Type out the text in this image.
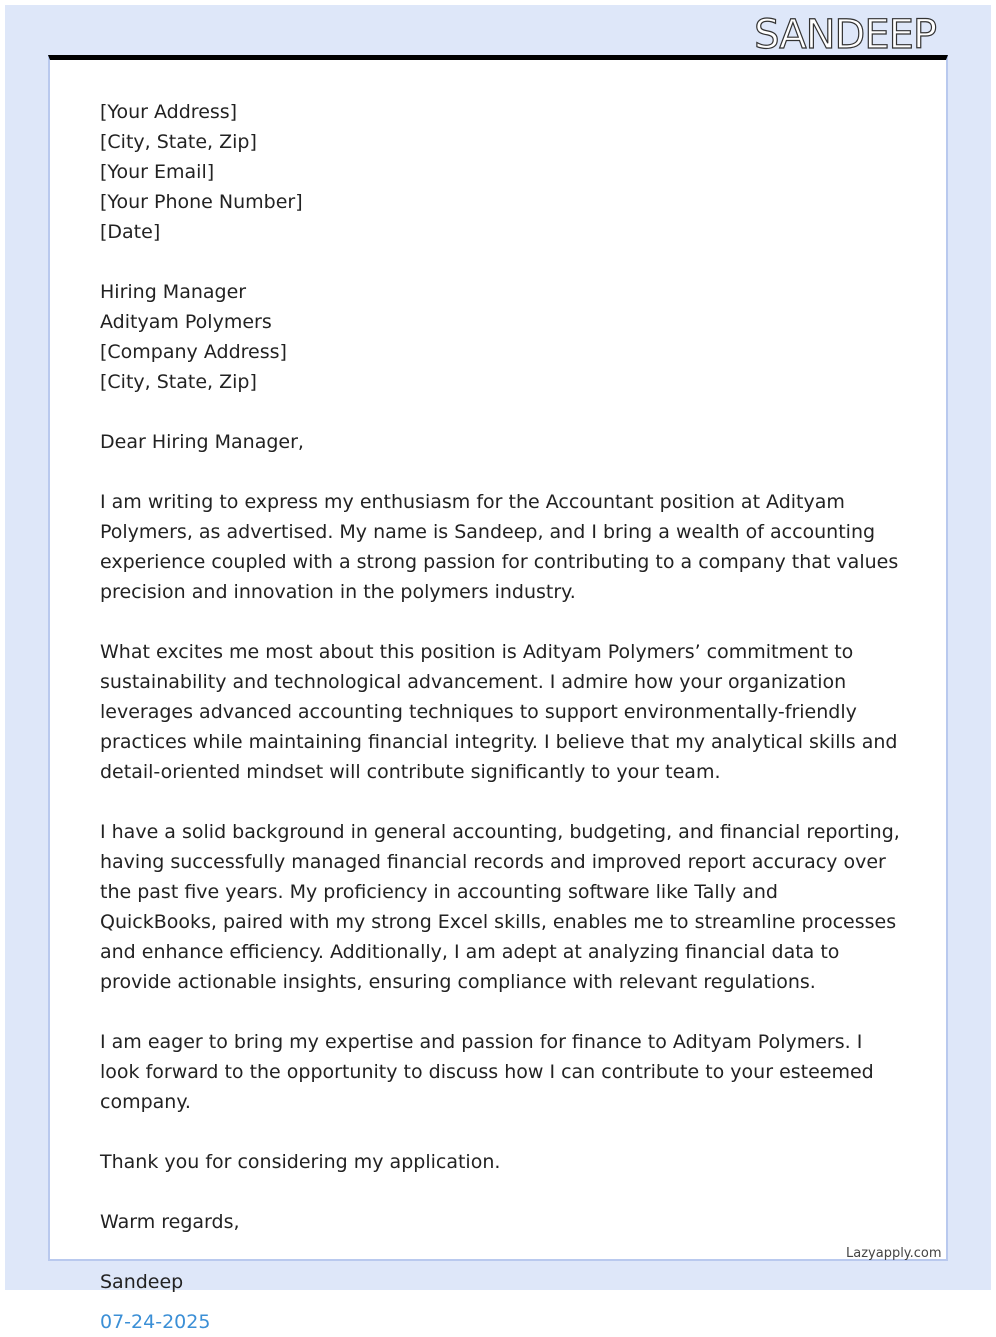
SANDEEP
[Your Address]
[City, State, Zip]
[Your Email]
[Your Phone Number]
[Date]
Hiring Manager
Adityam Polymers
[Company Address]
[City, State, Zip]

Dear Hiring Manager,

I am writing to express my enthusiasm for the Accountant position at Adityam Polymers, as advertised. My name is Sandeep, and I bring a wealth of accounting experience coupled with a strong passion for contributing to a company that values precision and innovation in the polymers industry.

What excites me most about this position is Adityam Polymers’ commitment to sustainability and technological advancement. I admire how your organization leverages advanced accounting techniques to support environmentally-friendly practices while maintaining financial integrity. I believe that my analytical skills and detail-oriented mindset will contribute significantly to your team.

I have a solid background in general accounting, budgeting, and financial reporting, having successfully managed financial records and improved report accuracy over the past five years. My proficiency in accounting software like Tally and QuickBooks, paired with my strong Excel skills, enables me to streamline processes and enhance efficiency. Additionally, I am adept at analyzing financial data to provide actionable insights, ensuring compliance with relevant regulations.

I am eager to bring my expertise and passion for finance to Adityam Polymers. I look forward to the opportunity to discuss how I can contribute to your esteemed company.

Thank you for considering my application.

Warm regards,

Sandeep
07-24-2025
Lazyapply.com
